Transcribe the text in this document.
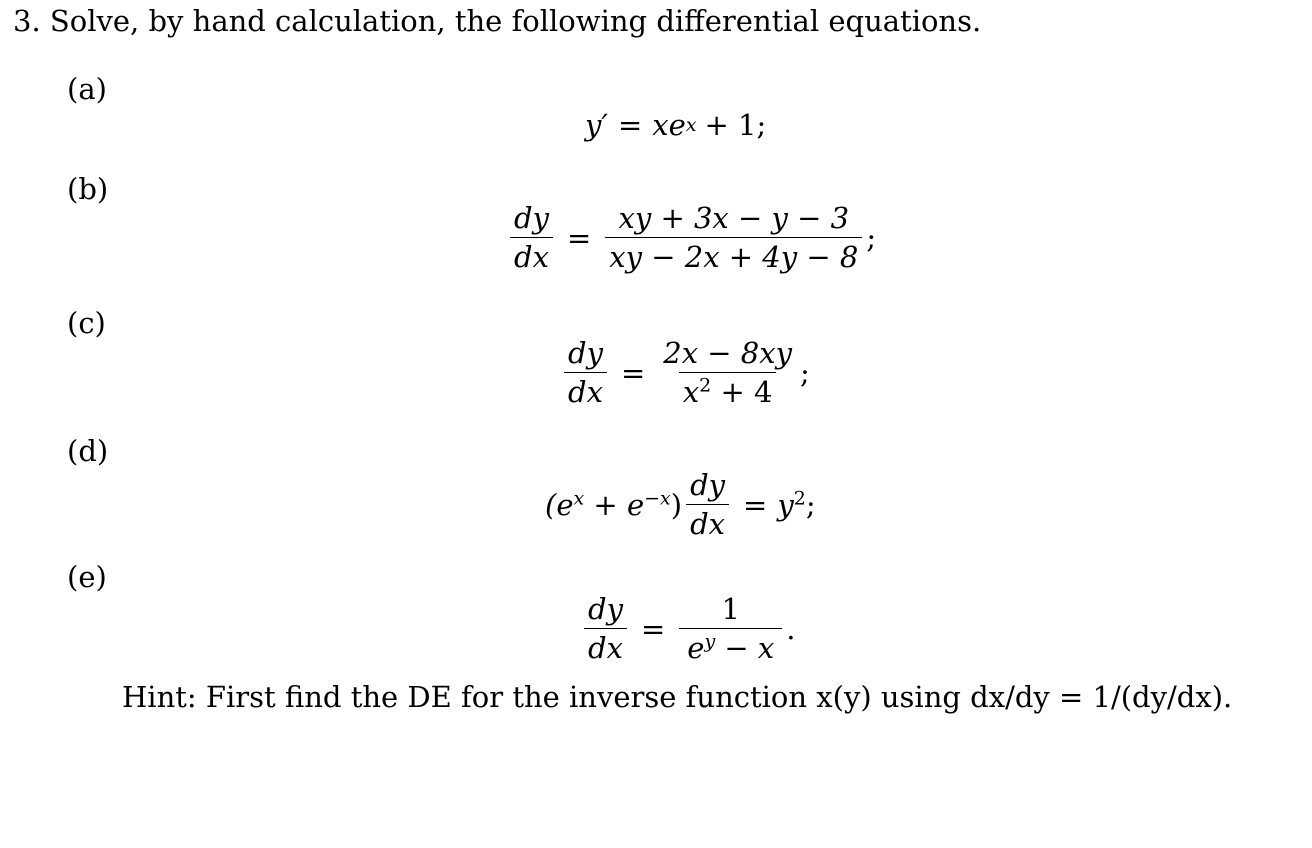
3. Solve, by hand calculation, the following differential equations.
(a)
(b)
(c)
(d)
(e)
y′ = xe x + 1;
$\frac{dy}{dx} = \frac{xy + 3x - y - 3}{xy - 2x + 4y - 8}$ ;
$\frac{dy}{dx} = \frac{2x - 8xy}{x^2 + 4}$ ;
$(e^x + e^{-x}) \frac{dy}{dx} = y^2$;
$\frac{dy}{dx} = \frac{1}{e^y - x}$ .
Hint: First find the DE for the inverse function x(y) using dx/dy = 1/(dy/dx).
